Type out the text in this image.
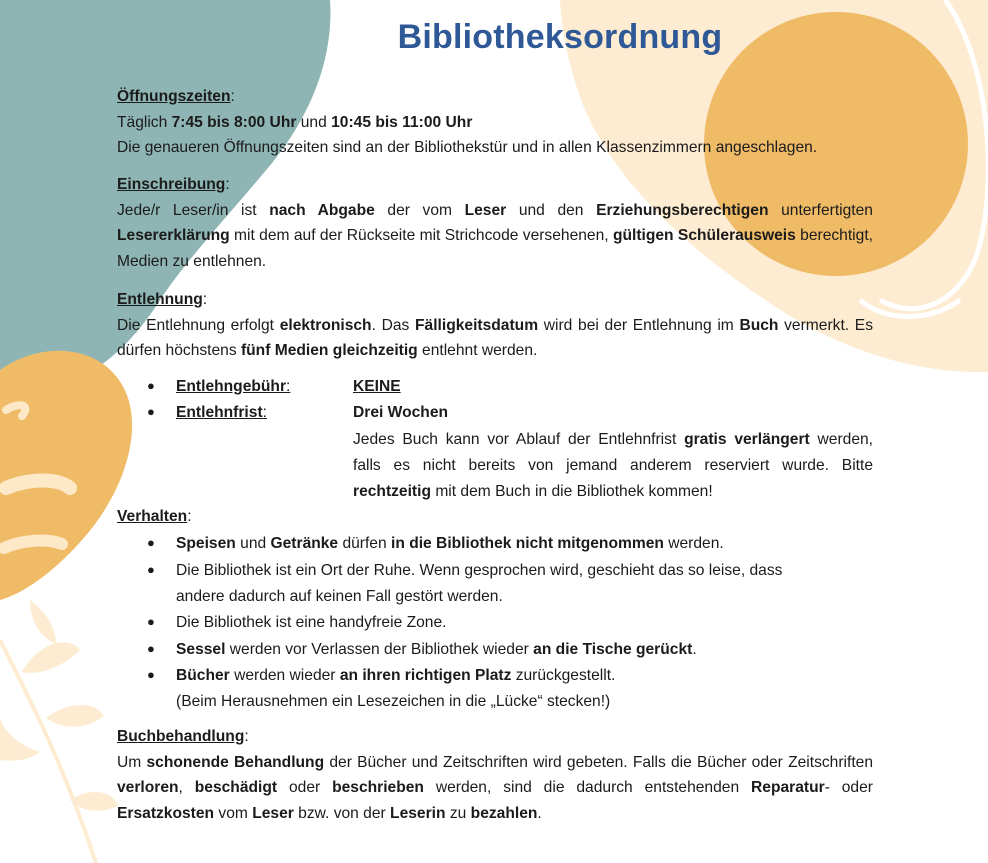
Bibliotheksordnung
Öffnungszeiten:
Täglich 7:45 bis 8:00 Uhr und 10:45 bis 11:00 Uhr
Die genaueren Öffnungszeiten sind an der Bibliothekstür und in allen Klassenzimmern angeschlagen.
Einschreibung:
Jede/r Leser/in ist nach Abgabe der vom Leser und den Erziehungsberechtigen unterfertigten Lesererklärung mit dem auf der Rückseite mit Strichcode versehenen, gültigen Schülerausweis berechtigt, Medien zu entlehnen.
Entlehnung:
Die Entlehnung erfolgt elektronisch. Das Fälligkeitsdatum wird bei der Entlehnung im Buch vermerkt. Es dürfen höchstens fünf Medien gleichzeitig entlehnt werden.
● Entlehngebühr:	KEINE
● Entlehnfrist:	Drei Wochen
Jedes Buch kann vor Ablauf der Entlehnfrist gratis verlängert werden, falls es nicht bereits von jemand anderem reserviert wurde. Bitte rechtzeitig mit dem Buch in die Bibliothek kommen!
Verhalten:
● Speisen und Getränke dürfen in die Bibliothek nicht mitgenommen werden.
● Die Bibliothek ist ein Ort der Ruhe. Wenn gesprochen wird, geschieht das so leise, dass
andere dadurch auf keinen Fall gestört werden.
● Die Bibliothek ist eine handyfreie Zone.
● Sessel werden vor Verlassen der Bibliothek wieder an die Tische gerückt.
● Bücher werden wieder an ihren richtigen Platz zurückgestellt.
(Beim Herausnehmen ein Lesezeichen in die „Lücke“ stecken!)
Buchbehandlung:
Um schonende Behandlung der Bücher und Zeitschriften wird gebeten. Falls die Bücher oder Zeitschriften verloren, beschädigt oder beschrieben werden, sind die dadurch entstehenden Reparatur- oder Ersatzkosten vom Leser bzw. von der Leserin zu bezahlen.
